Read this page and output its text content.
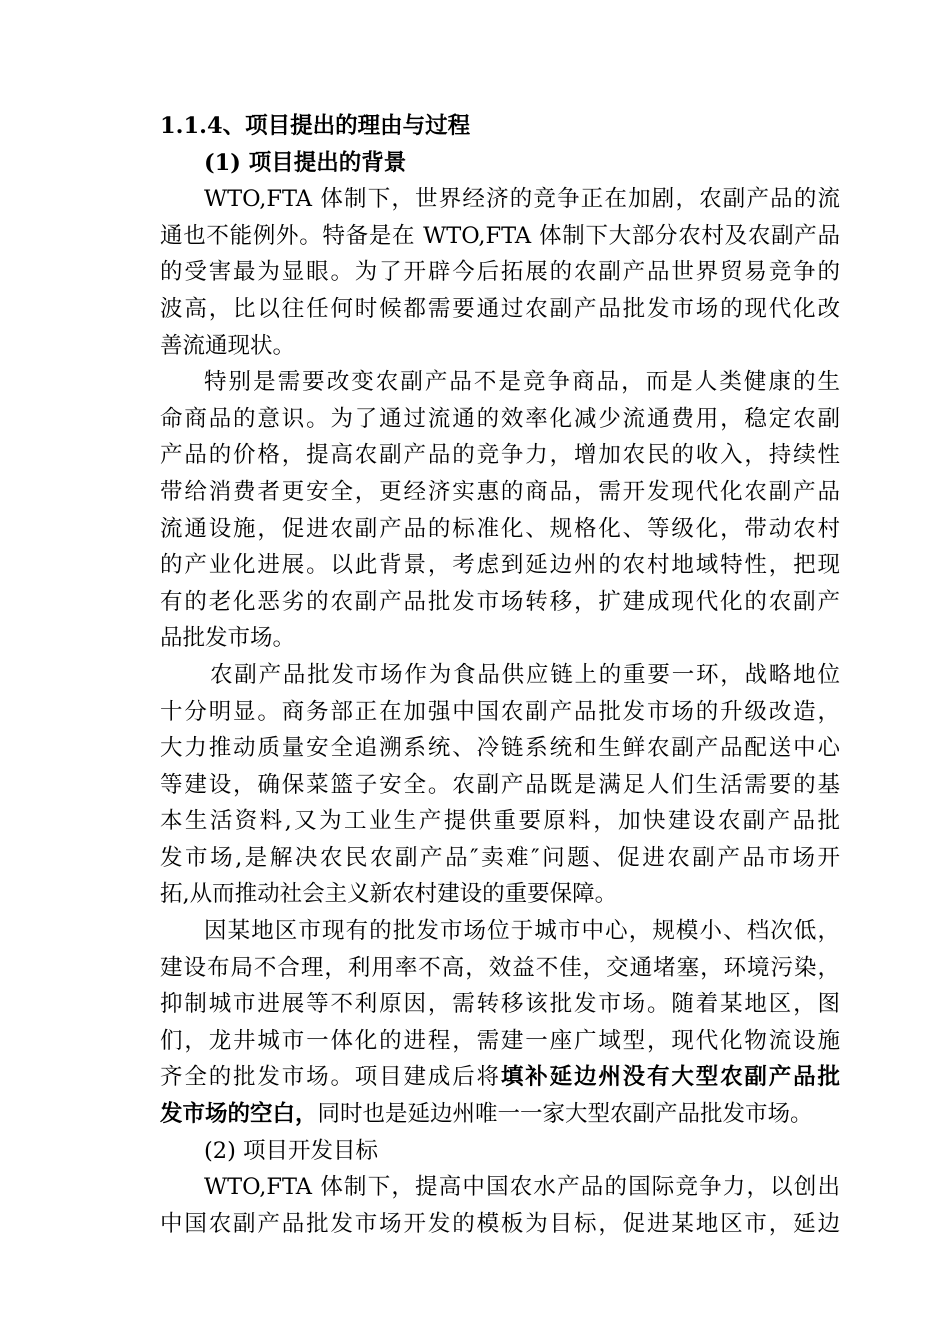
1.1.4、项目提出的理由与过程
(1) 项目提出的背景
WTO,FTA 体制下，世界经济的竞争正在加剧，农副产品的流
通也不能例外。特备是在 WTO,FTA 体制下大部分农村及农副产品
的受害最为显眼。为了开辟今后拓展的农副产品世界贸易竞争的
波高，比以往任何时候都需要通过农副产品批发市场的现代化改
善流通现状。
特别是需要改变农副产品不是竞争商品，而是人类健康的生
命商品的意识。为了通过流通的效率化减少流通费用，稳定农副
产品的价格，提高农副产品的竞争力，增加农民的收入，持续性
带给消费者更安全，更经济实惠的商品，需开发现代化农副产品
流通设施，促进农副产品的标准化、规格化、等级化，带动农村
的产业化进展。以此背景，考虑到延边州的农村地域特性，把现
有的老化恶劣的农副产品批发市场转移，扩建成现代化的农副产
品批发市场。
农副产品批发市场作为食品供应链上的重要一环，战略地位
十分明显。商务部正在加强中国农副产品批发市场的升级改造，
大力推动质量安全追溯系统、冷链系统和生鲜农副产品配送中心
等建设，确保菜篮子安全。农副产品既是满足人们生活需要的基
本生活资料,又为工业生产提供重要原料，加快建设农副产品批
发市场,是解决农民农副产品″卖难″问题、促进农副产品市场开
拓,从而推动社会主义新农村建设的重要保障。
因某地区市现有的批发市场位于城市中心，规模小、档次低，
建设布局不合理，利用率不高，效益不佳，交通堵塞，环境污染，
抑制城市进展等不利原因，需转移该批发市场。随着某地区，图
们，龙井城市一体化的进程，需建一座广域型，现代化物流设施
齐全的批发市场。项目建成后将填补延边州没有大型农副产品批
发市场的空白，同时也是延边州唯一一家大型农副产品批发市场。
(2) 项目开发目标
WTO,FTA 体制下，提高中国农水产品的国际竞争力，以创出
中国农副产品批发市场开发的模板为目标，促进某地区市，延边
